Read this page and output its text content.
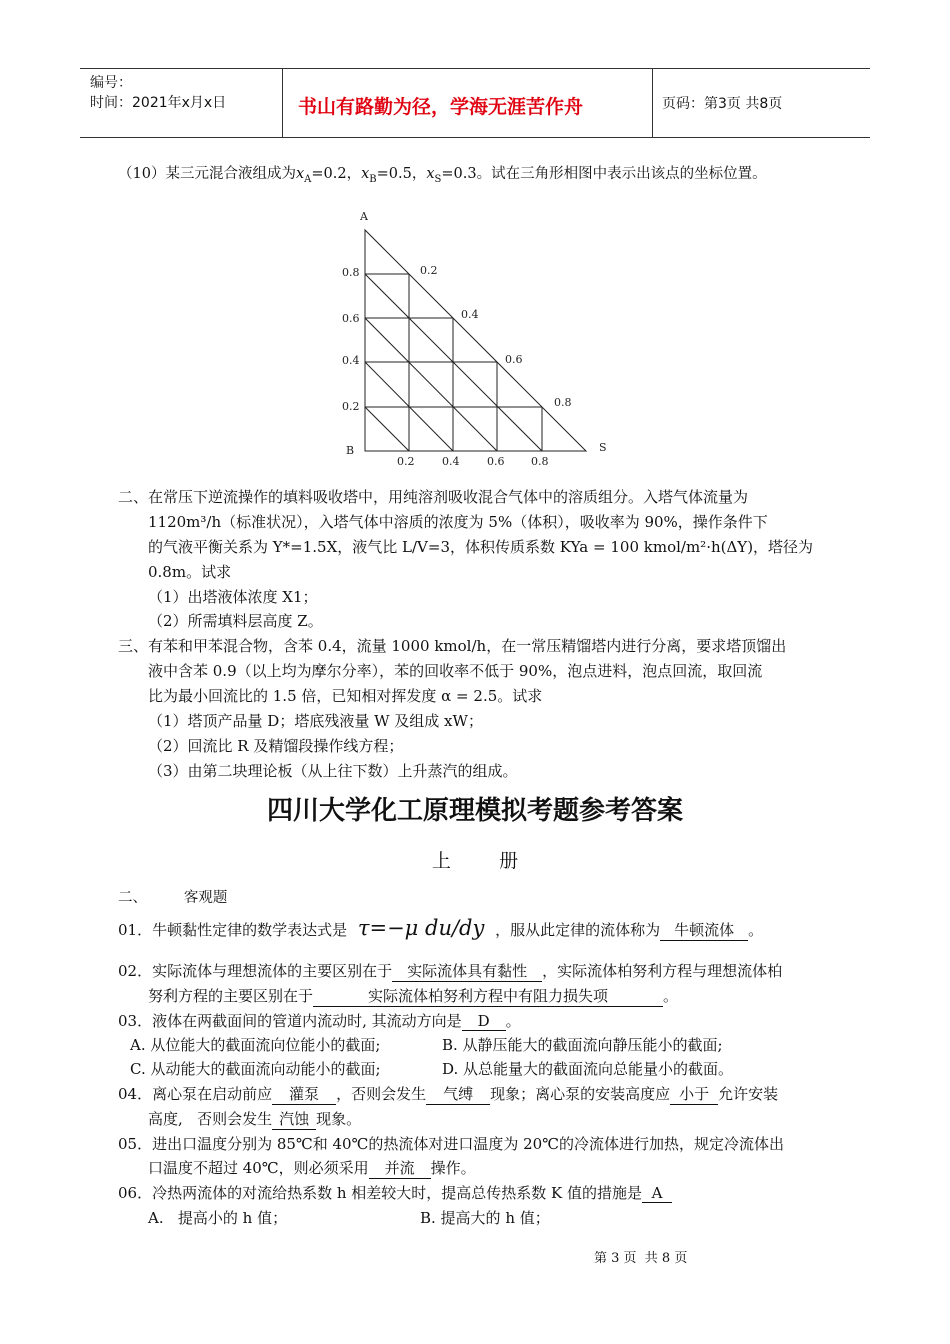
编号：
时间：2021年x月x日	书山有路勤为径，学海无涯苦作舟	页码：第3页 共8页
（10）某三元混合液组成为$x_A=0.2$，$x_B=0.5$，$x_S=0.3$。试在三角形相图中表示出该点的坐标位置。
A
B	S
0.8
0.6
0.4
0.2
0.2
0.4
0.6
0.8
0.2	0.4	0.6 0.8
二、 在常压下逆流操作的填料吸收塔中，用纯溶剂吸收混合气体中的溶质组分。入塔气体流量为
1120m³/h（标准状况），入塔气体中溶质的浓度为 5%（体积），吸收率为 90%，操作条件下
的气液平衡关系为 Y*=1.5X，液气比 L/V=3，体积传质系数 KYa = 100 kmol/m²·h(ΔY)，塔径为
0.8m。试求
（1）出塔液体浓度 X1；
（2）所需填料层高度 Z。
三、 有苯和甲苯混合物，含苯 0.4，流量 1000 kmol/h，在一常压精馏塔内进行分离，要求塔顶馏出
液中含苯 0.9（以上均为摩尔分率），苯的回收率不低于 90%，泡点进料，泡点回流，取回流
比为最小回流比的 1.5 倍，已知相对挥发度 α = 2.5。试求
（1）塔顶产品量 D；塔底残液量 W 及组成 xW；
（2）回流比 R 及精馏段操作线方程；
（3）由第二块理论板（从上往下数）上升蒸汽的组成。
四川大学化工原理模拟考题参考答案
上        册
二、        客观题
01．牛顿黏性定律的数学表达式是 τ=−μ du/dy ，服从此定律的流体称为 牛顿流体 。
02．实际流体与理想流体的主要区别在于 实际流体具有黏性 ，实际流体柏努利方程与理想流体柏
努利方程的主要区别在于	实际流体柏努利方程中有阻力损失项	。
03．液体在两截面间的管道内流动时, 其流动方向是 D 。
A. 从位能大的截面流向位能小的截面;	B. 从静压能大的截面流向静压能小的截面;
C. 从动能大的截面流向动能小的截面;	D. 从总能量大的截面流向总能量小的截面。
04．离心泵在启动前应 灌泵 ，否则会发生 气缚 现象；离心泵的安装高度应 小于 允许安装
高度,   否则会发生 汽蚀 现象。
05．进出口温度分别为 85℃和 40℃的热流体对进口温度为 20℃的冷流体进行加热，规定冷流体出
口温度不超过 40℃，则必须采用 并流 操作。
06．冷热两流体的对流给热系数 h 相差较大时，提高总传热系数 K 值的措施是 A
A.   提高小的 h 值；	B. 提高大的 h 值；
第 3 页  共 8 页
